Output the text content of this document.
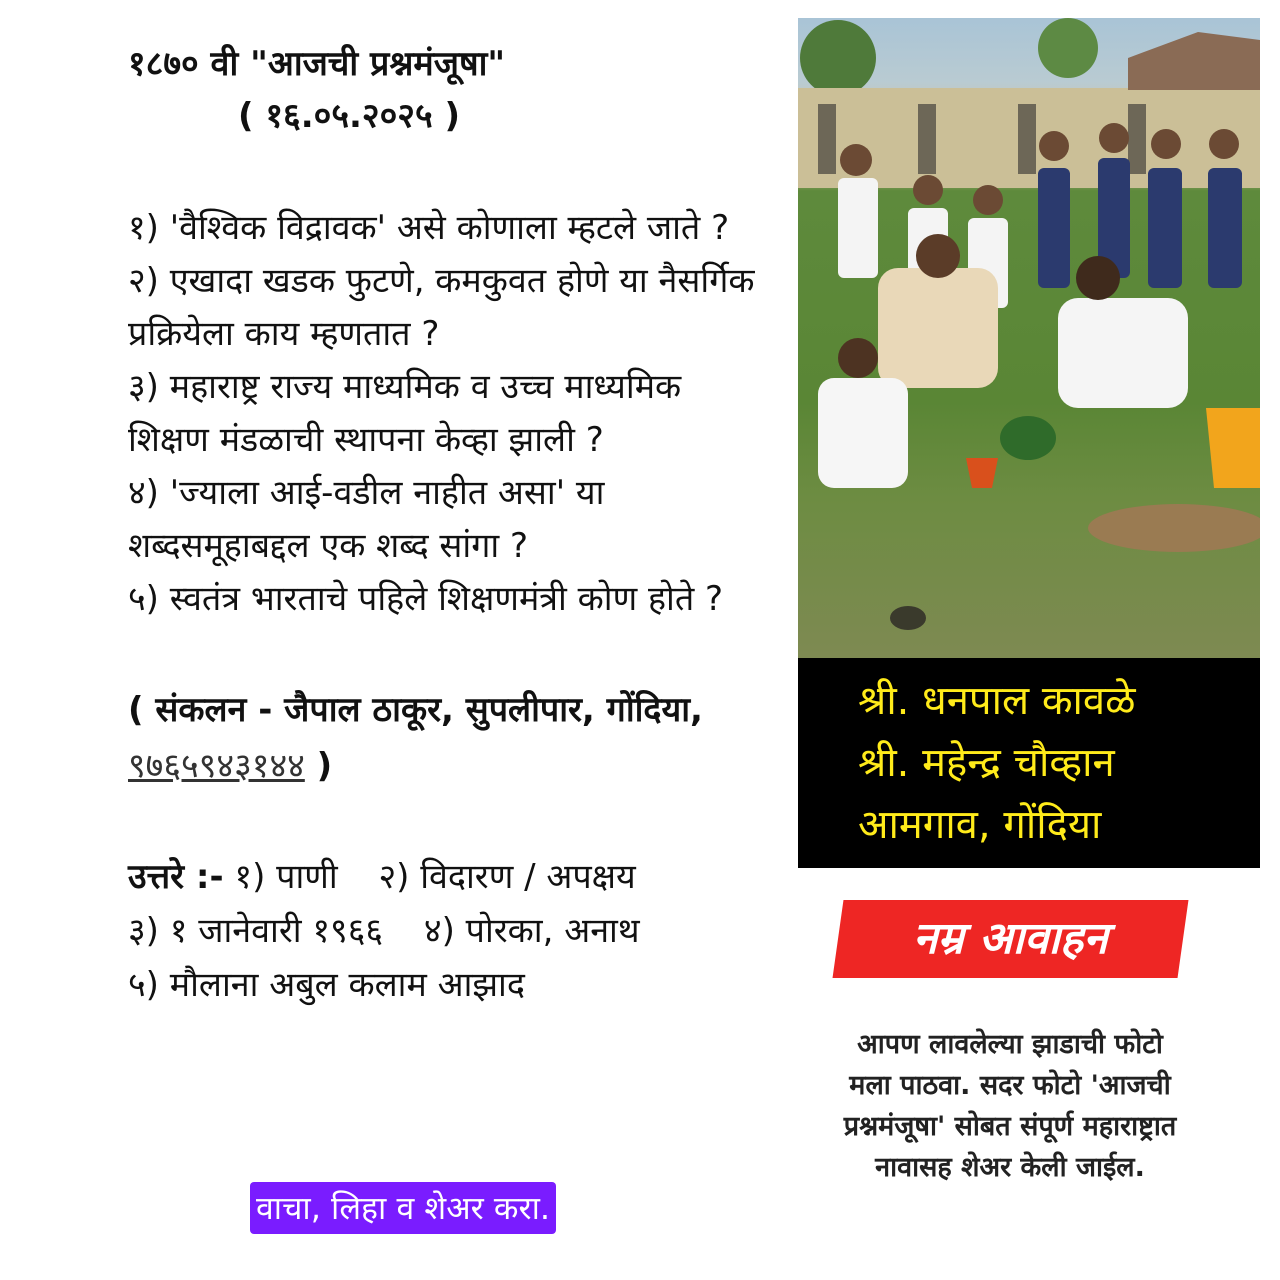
१८७० वी "आजची प्रश्नमंजूषा"

( १६.०५.२०२५ )

१) 'वैश्विक विद्रावक' असे कोणाला म्हटले जाते ?

२) एखादा खडक फुटणे, कमकुवत होणे या नैसर्गिक प्रक्रियेला काय म्हणतात ?

३) महाराष्ट्र राज्य माध्यमिक व उच्च माध्यमिक शिक्षण मंडळाची स्थापना केव्हा झाली ?

४) 'ज्याला आई-वडील नाहीत असा' या शब्दसमूहाबद्दल एक शब्द सांगा ?

५) स्वतंत्र भारताचे पहिले शिक्षणमंत्री कोण होते ?

( संकलन - जैपाल ठाकूर, सुपलीपार, गोंदिया, ९७६५९४३१४४ )
उत्तरे :- १) पाणी २) विदारण / अपक्षय
३) १ जानेवारी १९६६ ४) पोरका, अनाथ
५) मौलाना अबुल कलाम आझाद
वाचा, लिहा व शेअर करा.
श्री. धनपाल कावळे
श्री. महेन्द्र चौव्हान
आमगाव, गोंदिया
नम्र आवाहन
आपण लावलेल्या झाडाची फोटो मला पाठवा. सदर फोटो 'आजची प्रश्नमंजूषा' सोबत संपूर्ण महाराष्ट्रात नावासह शेअर केली जाईल.
